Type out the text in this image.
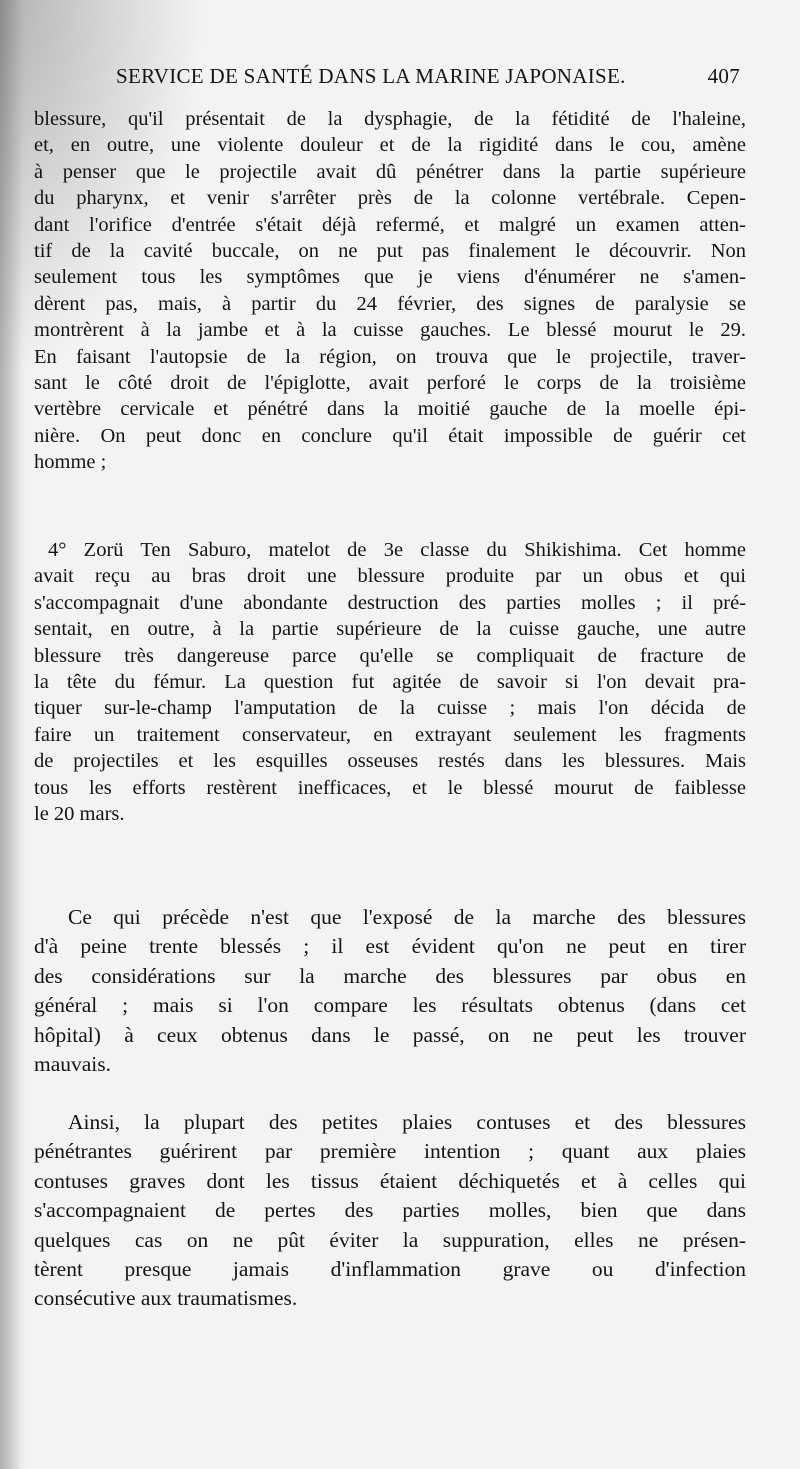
SERVICE DE SANTÉ DANS LA MARINE JAPONAISE.	407
blessure, qu'il présentait de la dysphagie, de la fétidité de l'haleine,
et, en outre, une violente douleur et de la rigidité dans le cou, amène
à penser que le projectile avait dû pénétrer dans la partie supérieure
du pharynx, et venir s'arrêter près de la colonne vertébrale. Cepen-
dant l'orifice d'entrée s'était déjà refermé, et malgré un examen atten-
tif de la cavité buccale, on ne put pas finalement le découvrir. Non
seulement tous les symptômes que je viens d'énumérer ne s'amen-
dèrent pas, mais, à partir du 24 février, des signes de paralysie se
montrèrent à la jambe et à la cuisse gauches. Le blessé mourut le 29.
En faisant l'autopsie de la région, on trouva que le projectile, traver-
sant le côté droit de l'épiglotte, avait perforé le corps de la troisième
vertèbre cervicale et pénétré dans la moitié gauche de la moelle épi-
nière. On peut donc en conclure qu'il était impossible de guérir cet
homme ;
4° Zorü Ten Saburo, matelot de 3e classe du Shikishima. Cet homme
avait reçu au bras droit une blessure produite par un obus et qui
s'accompagnait d'une abondante destruction des parties molles ; il pré-
sentait, en outre, à la partie supérieure de la cuisse gauche, une autre
blessure très dangereuse parce qu'elle se compliquait de fracture de
la tête du fémur. La question fut agitée de savoir si l'on devait pra-
tiquer sur-le-champ l'amputation de la cuisse ; mais l'on décida de
faire un traitement conservateur, en extrayant seulement les fragments
de projectiles et les esquilles osseuses restés dans les blessures. Mais
tous les efforts restèrent inefficaces, et le blessé mourut de faiblesse
le 20 mars.
Ce qui précède n'est que l'exposé de la marche des blessures
d'à peine trente blessés ; il est évident qu'on ne peut en tirer
des considérations sur la marche des blessures par obus en
général ; mais si l'on compare les résultats obtenus (dans cet
hôpital) à ceux obtenus dans le passé, on ne peut les trouver
mauvais.
Ainsi, la plupart des petites plaies contuses et des blessures
pénétrantes guérirent par première intention ; quant aux plaies
contuses graves dont les tissus étaient déchiquetés et à celles qui
s'accompagnaient de pertes des parties molles, bien que dans
quelques cas on ne pût éviter la suppuration, elles ne présen-
tèrent presque jamais d'inflammation grave ou d'infection
consécutive aux traumatismes.
